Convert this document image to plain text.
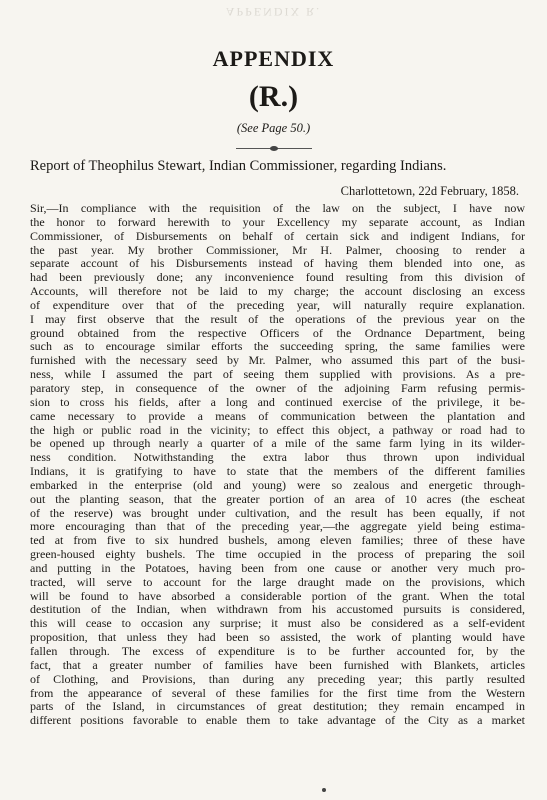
APPENDIX R.
APPENDIX
(R.)
(See Page 50.)
Report of Theophilus Stewart, Indian Commissioner, regarding Indians.
Charlottetown, 22d February, 1858.
Sir,—In compliance with the requisition of the law on the subject, I have now
the honor to forward herewith to your Excellency my separate account, as Indian
Commissioner, of Disbursements on behalf of certain sick and indigent Indians, for
the past year. My brother Commissioner, Mr H. Palmer, choosing to render a
separate account of his Disbursements instead of having them blended into one, as
had been previously done; any inconvenience found resulting from this division of
Accounts, will therefore not be laid to my charge; the account disclosing an excess
of expenditure over that of the preceding year, will naturally require explanation.
I may first observe that the result of the operations of the previous year on the
ground obtained from the respective Officers of the Ordnance Department, being
such as to encourage similar efforts the succeeding spring, the same families were
furnished with the necessary seed by Mr. Palmer, who assumed this part of the busi-
ness, while I assumed the part of seeing them supplied with provisions. As a pre-
paratory step, in consequence of the owner of the adjoining Farm refusing permis-
sion to cross his fields, after a long and continued exercise of the privilege, it be-
came necessary to provide a means of communication between the plantation and
the high or public road in the vicinity; to effect this object, a pathway or road had to
be opened up through nearly a quarter of a mile of the same farm lying in its wilder-
ness condition. Notwithstanding the extra labor thus thrown upon individual
Indians, it is gratifying to have to state that the members of the different families
embarked in the enterprise (old and young) were so zealous and energetic through-
out the planting season, that the greater portion of an area of 10 acres (the escheat
of the reserve) was brought under cultivation, and the result has been equally, if not
more encouraging than that of the preceding year,—the aggregate yield being estima-
ted at from five to six hundred bushels, among eleven families; three of these have
green-housed eighty bushels. The time occupied in the process of preparing the soil
and putting in the Potatoes, having been from one cause or another very much pro-
tracted, will serve to account for the large draught made on the provisions, which
will be found to have absorbed a considerable portion of the grant. When the total
destitution of the Indian, when withdrawn from his accustomed pursuits is considered,
this will cease to occasion any surprise; it must also be considered as a self-evident
proposition, that unless they had been so assisted, the work of planting would have
fallen through. The excess of expenditure is to be further accounted for, by the
fact, that a greater number of families have been furnished with Blankets, articles
of Clothing, and Provisions, than during any preceding year; this partly resulted
from the appearance of several of these families for the first time from the Western
parts of the Island, in circumstances of great destitution; they remain encamped in
different positions favorable to enable them to take advantage of the City as a market
